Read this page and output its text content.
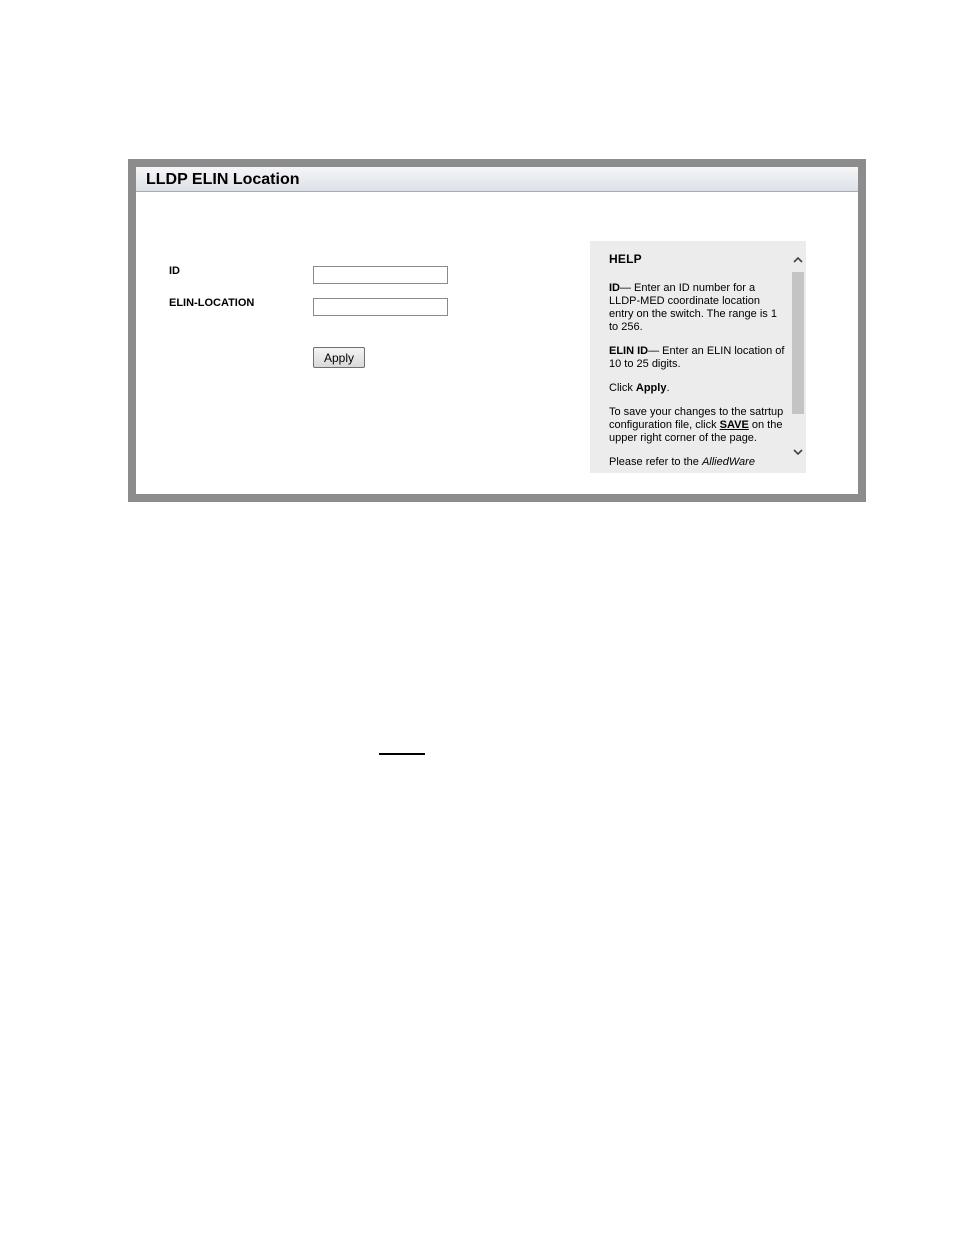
LLDP ELIN Location
ID
ELIN-LOCATION
Apply
HELP

ID— Enter an ID number for a LLDP-MED coordinate location entry on the switch. The range is 1 to 256.

ELIN ID— Enter an ELIN location of 10 to 25 digits.

Click Apply.

To save your changes to the satrtup configuration file, click SAVE on the upper right corner of the page.

Please refer to the AlliedWare
